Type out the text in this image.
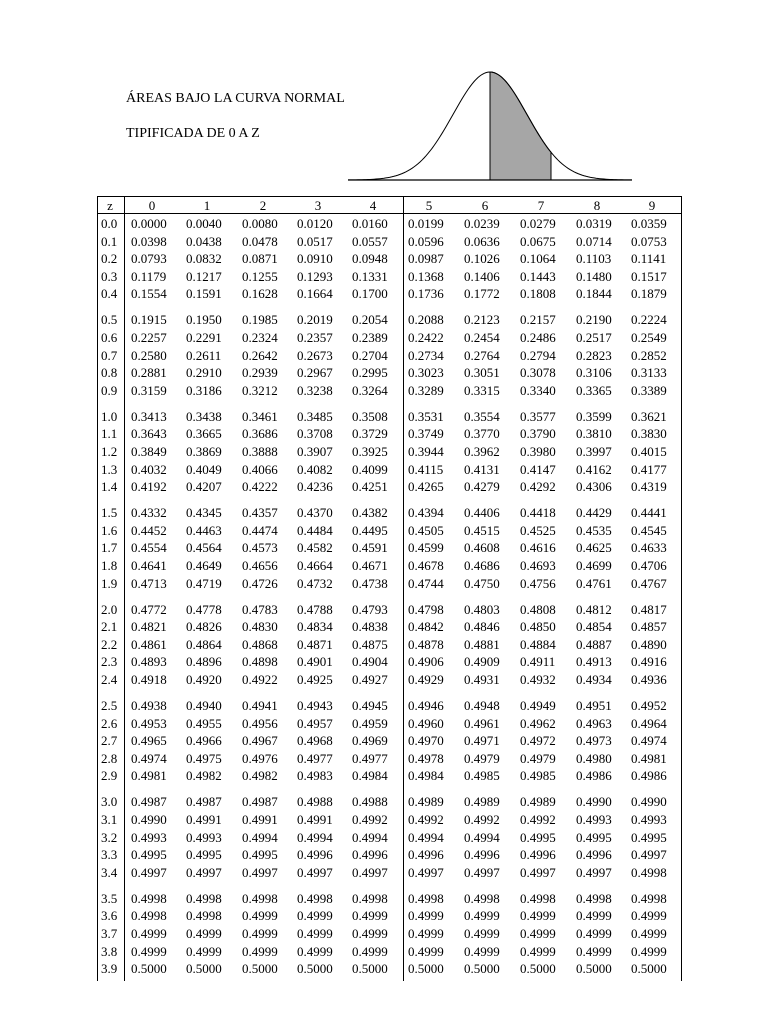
ÁREAS BAJO LA CURVA NORMAL
TIPIFICADA DE 0 A Z
z	0	1	2	3	4	5	6	7	8	9
0.0 0.0000 0.0040 0.0080 0.0120 0.0160 0.0199 0.0239 0.0279 0.0319 0.0359
0.1 0.0398 0.0438 0.0478 0.0517 0.0557 0.0596 0.0636 0.0675 0.0714 0.0753
0.2 0.0793 0.0832 0.0871 0.0910 0.0948 0.0987 0.1026 0.1064 0.1103 0.1141
0.3 0.1179 0.1217 0.1255 0.1293 0.1331 0.1368 0.1406 0.1443 0.1480 0.1517
0.4 0.1554 0.1591 0.1628 0.1664 0.1700 0.1736 0.1772 0.1808 0.1844 0.1879
0.5 0.1915 0.1950 0.1985 0.2019 0.2054 0.2088 0.2123 0.2157 0.2190 0.2224
0.6 0.2257 0.2291 0.2324 0.2357 0.2389 0.2422 0.2454 0.2486 0.2517 0.2549
0.7 0.2580 0.2611 0.2642 0.2673 0.2704 0.2734 0.2764 0.2794 0.2823 0.2852
0.8 0.2881 0.2910 0.2939 0.2967 0.2995 0.3023 0.3051 0.3078 0.3106 0.3133
0.9 0.3159 0.3186 0.3212 0.3238 0.3264 0.3289 0.3315 0.3340 0.3365 0.3389
1.0 0.3413 0.3438 0.3461 0.3485 0.3508 0.3531 0.3554 0.3577 0.3599 0.3621
1.1 0.3643 0.3665 0.3686 0.3708 0.3729 0.3749 0.3770 0.3790 0.3810 0.3830
1.2 0.3849 0.3869 0.3888 0.3907 0.3925 0.3944 0.3962 0.3980 0.3997 0.4015
1.3 0.4032 0.4049 0.4066 0.4082 0.4099 0.4115 0.4131 0.4147 0.4162 0.4177
1.4 0.4192 0.4207 0.4222 0.4236 0.4251 0.4265 0.4279 0.4292 0.4306 0.4319
1.5 0.4332 0.4345 0.4357 0.4370 0.4382 0.4394 0.4406 0.4418 0.4429 0.4441
1.6 0.4452 0.4463 0.4474 0.4484 0.4495 0.4505 0.4515 0.4525 0.4535 0.4545
1.7 0.4554 0.4564 0.4573 0.4582 0.4591 0.4599 0.4608 0.4616 0.4625 0.4633
1.8 0.4641 0.4649 0.4656 0.4664 0.4671 0.4678 0.4686 0.4693 0.4699 0.4706
1.9 0.4713 0.4719 0.4726 0.4732 0.4738 0.4744 0.4750 0.4756 0.4761 0.4767
2.0 0.4772 0.4778 0.4783 0.4788 0.4793 0.4798 0.4803 0.4808 0.4812 0.4817
2.1 0.4821 0.4826 0.4830 0.4834 0.4838 0.4842 0.4846 0.4850 0.4854 0.4857
2.2 0.4861 0.4864 0.4868 0.4871 0.4875 0.4878 0.4881 0.4884 0.4887 0.4890
2.3 0.4893 0.4896 0.4898 0.4901 0.4904 0.4906 0.4909 0.4911 0.4913 0.4916
2.4 0.4918 0.4920 0.4922 0.4925 0.4927 0.4929 0.4931 0.4932 0.4934 0.4936
2.5 0.4938 0.4940 0.4941 0.4943 0.4945 0.4946 0.4948 0.4949 0.4951 0.4952
2.6 0.4953 0.4955 0.4956 0.4957 0.4959 0.4960 0.4961 0.4962 0.4963 0.4964
2.7 0.4965 0.4966 0.4967 0.4968 0.4969 0.4970 0.4971 0.4972 0.4973 0.4974
2.8 0.4974 0.4975 0.4976 0.4977 0.4977 0.4978 0.4979 0.4979 0.4980 0.4981
2.9 0.4981 0.4982 0.4982 0.4983 0.4984 0.4984 0.4985 0.4985 0.4986 0.4986
3.0 0.4987 0.4987 0.4987 0.4988 0.4988 0.4989 0.4989 0.4989 0.4990 0.4990
3.1 0.4990 0.4991 0.4991 0.4991 0.4992 0.4992 0.4992 0.4992 0.4993 0.4993
3.2 0.4993 0.4993 0.4994 0.4994 0.4994 0.4994 0.4994 0.4995 0.4995 0.4995
3.3 0.4995 0.4995 0.4995 0.4996 0.4996 0.4996 0.4996 0.4996 0.4996 0.4997
3.4 0.4997 0.4997 0.4997 0.4997 0.4997 0.4997 0.4997 0.4997 0.4997 0.4998
3.5 0.4998 0.4998 0.4998 0.4998 0.4998 0.4998 0.4998 0.4998 0.4998 0.4998
3.6 0.4998 0.4998 0.4999 0.4999 0.4999 0.4999 0.4999 0.4999 0.4999 0.4999
3.7 0.4999 0.4999 0.4999 0.4999 0.4999 0.4999 0.4999 0.4999 0.4999 0.4999
3.8 0.4999 0.4999 0.4999 0.4999 0.4999 0.4999 0.4999 0.4999 0.4999 0.4999
3.9 0.5000 0.5000 0.5000 0.5000 0.5000 0.5000 0.5000 0.5000 0.5000 0.5000
